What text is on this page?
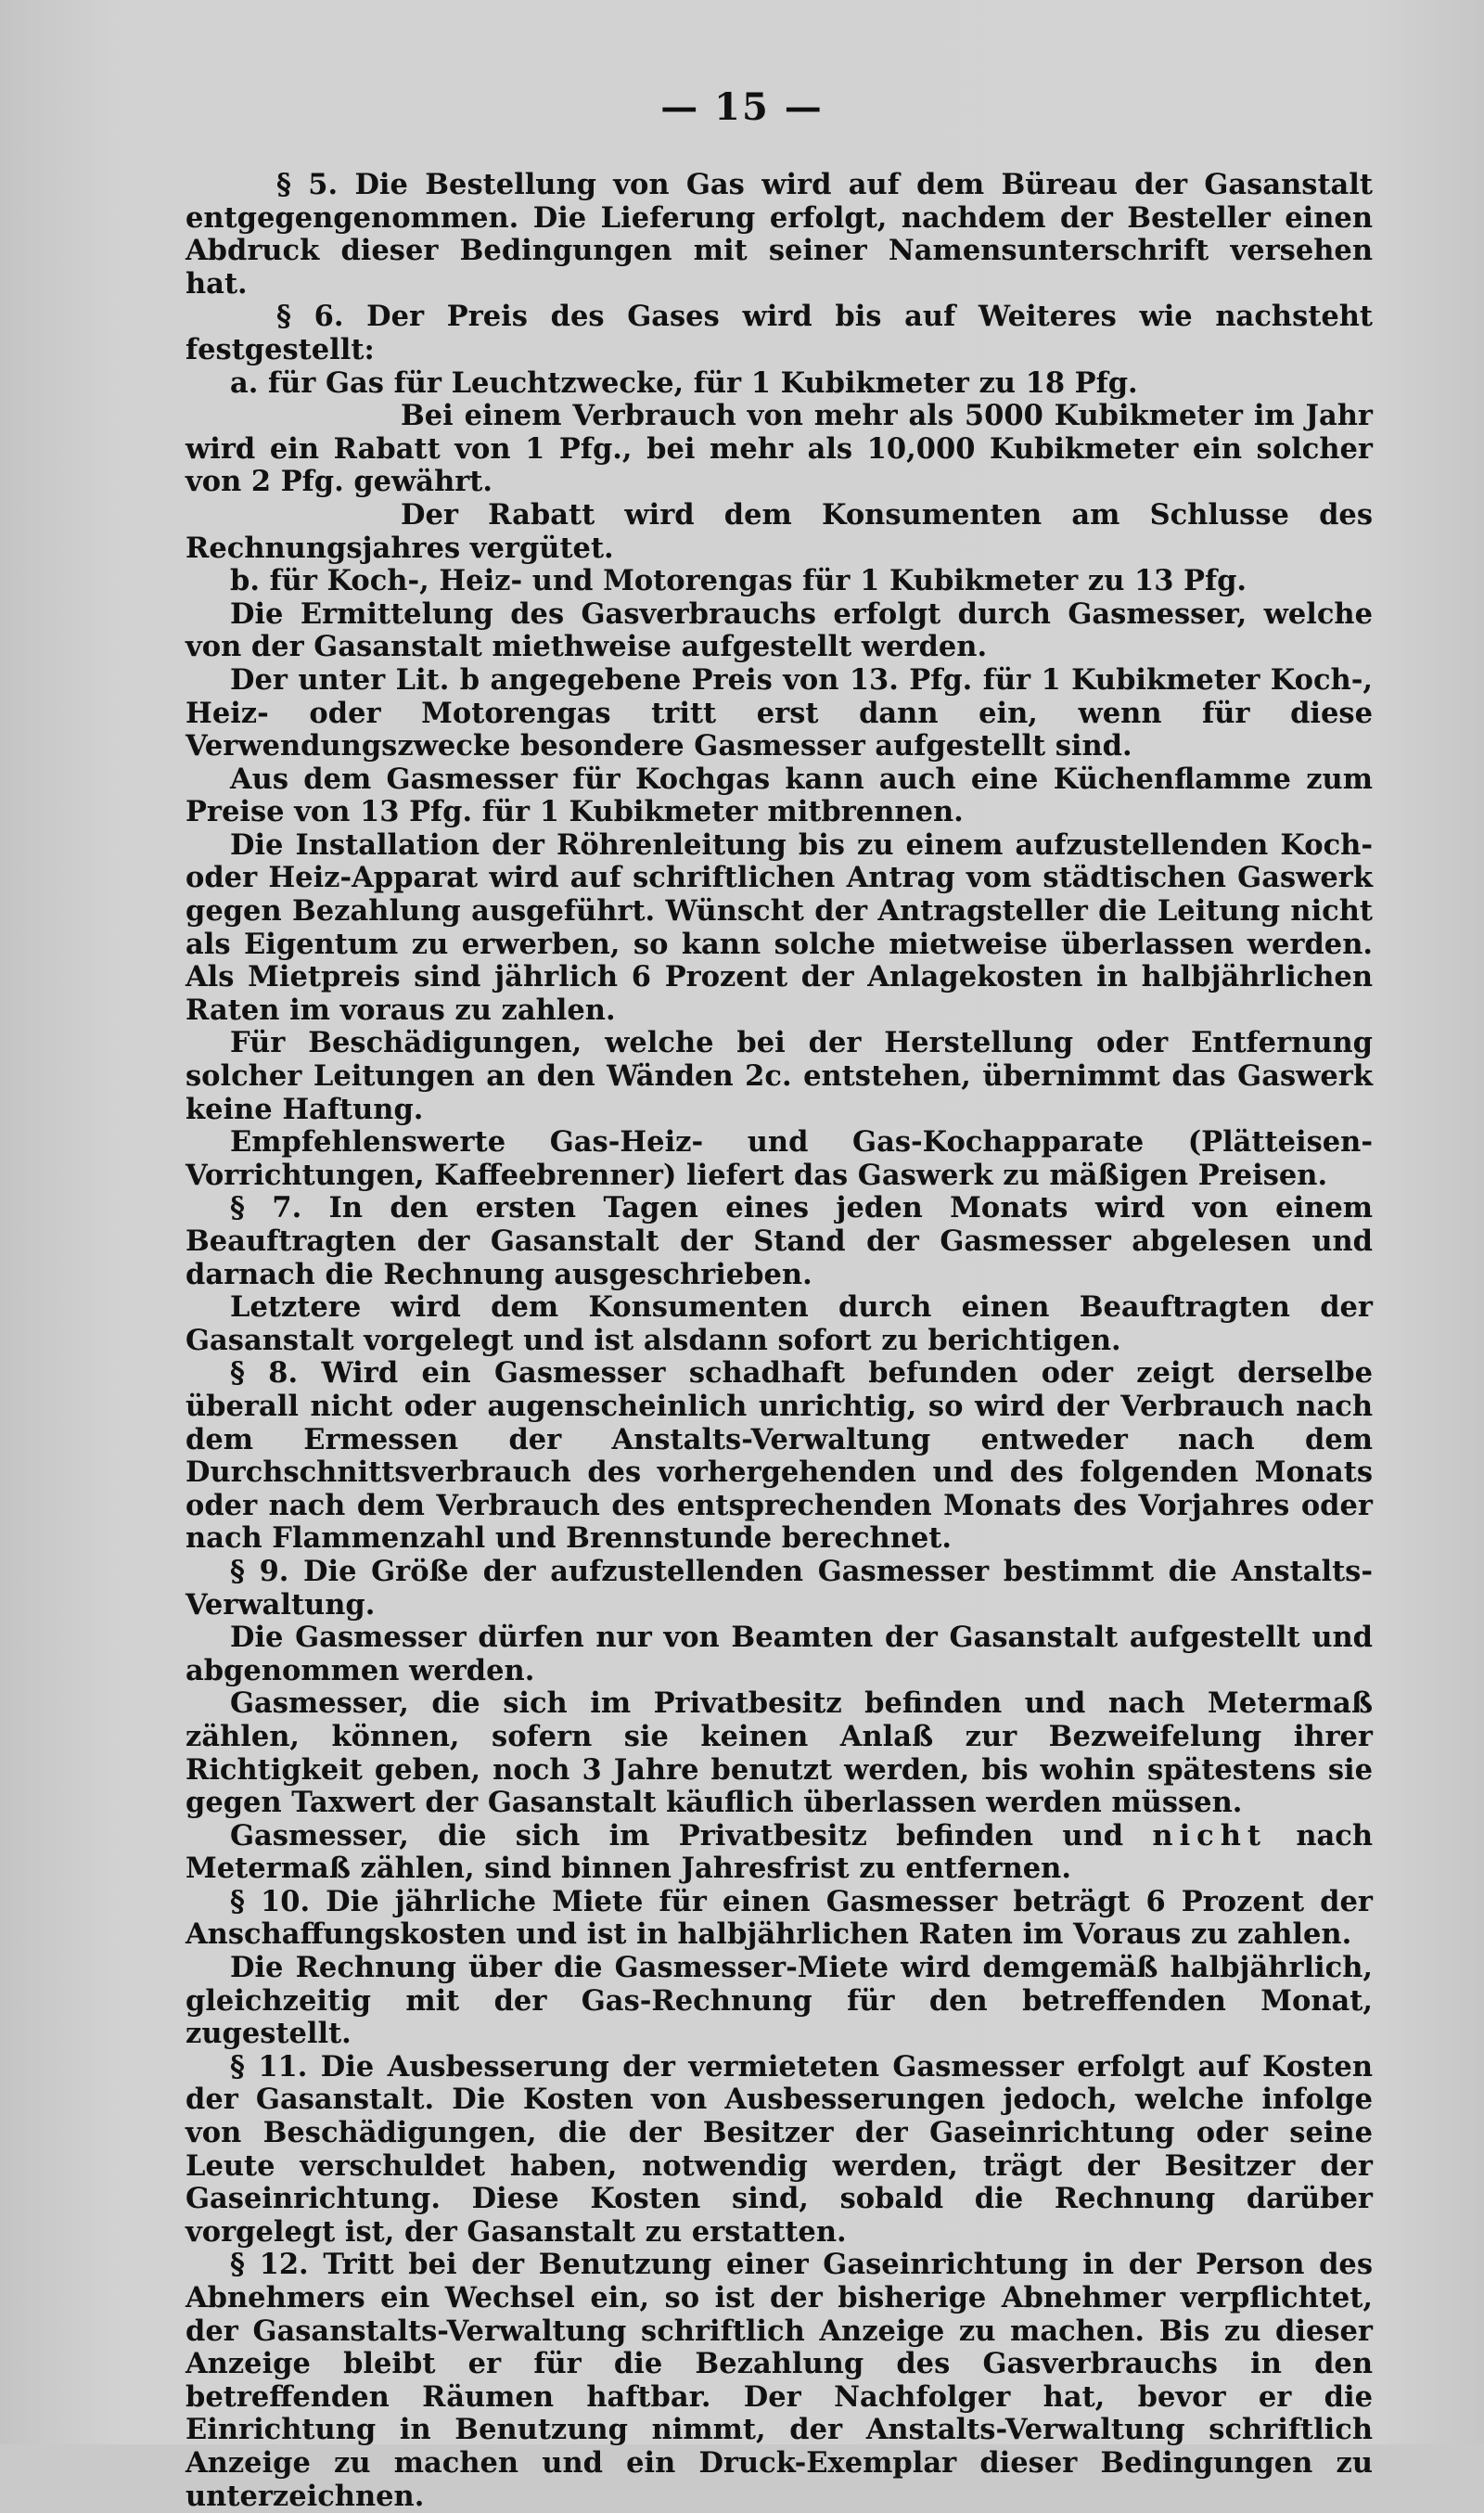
— 15 —

§ 5. Die Bestellung von Gas wird auf dem Büreau der Gasanstalt entgegengenommen. Die Lieferung erfolgt, nachdem der Besteller einen Abdruck dieser Bedingungen mit seiner Namensunterschrift versehen hat.

§ 6. Der Preis des Gases wird bis auf Weiteres wie nachsteht festgestellt:

a. für Gas für Leuchtzwecke, für 1 Kubikmeter zu 18 Pfg.

Bei einem Verbrauch von mehr als 5000 Kubikmeter im Jahr wird ein Rabatt von 1 Pfg., bei mehr als 10,000 Kubikmeter ein solcher von 2 Pfg. gewährt.

Der Rabatt wird dem Konsumenten am Schlusse des Rechnungsjahres vergütet.

b. für Koch-, Heiz- und Motorengas für 1 Kubikmeter zu 13 Pfg.

Die Ermittelung des Gasverbrauchs erfolgt durch Gasmesser, welche von der Gasanstalt miethweise aufgestellt werden.

Der unter Lit. b angegebene Preis von 13. Pfg. für 1 Kubikmeter Koch-, Heiz- oder Motorengas tritt erst dann ein, wenn für diese Verwendungszwecke besondere Gasmesser aufgestellt sind.

Aus dem Gasmesser für Kochgas kann auch eine Küchenflamme zum Preise von 13 Pfg. für 1 Kubikmeter mitbrennen.

Die Installation der Röhrenleitung bis zu einem aufzustellenden Koch- oder Heiz-Apparat wird auf schriftlichen Antrag vom städtischen Gaswerk gegen Bezahlung ausgeführt. Wünscht der Antragsteller die Leitung nicht als Eigentum zu erwerben, so kann solche mietweise überlassen werden. Als Mietpreis sind jährlich 6 Prozent der Anlagekosten in halbjährlichen Raten im voraus zu zahlen.

Für Beschädigungen, welche bei der Herstellung oder Entfernung solcher Leitungen an den Wänden 2c. entstehen, übernimmt das Gaswerk keine Haftung.

Empfehlenswerte Gas-Heiz- und Gas-Kochapparate (Plätteisen-Vorrichtungen, Kaffeebrenner) liefert das Gaswerk zu mäßigen Preisen.

§ 7. In den ersten Tagen eines jeden Monats wird von einem Beauftragten der Gasanstalt der Stand der Gasmesser abgelesen und darnach die Rechnung ausgeschrieben.

Letztere wird dem Konsumenten durch einen Beauftragten der Gasanstalt vorgelegt und ist alsdann sofort zu berichtigen.

§ 8. Wird ein Gasmesser schadhaft befunden oder zeigt derselbe überall nicht oder augenscheinlich unrichtig, so wird der Verbrauch nach dem Ermessen der Anstalts-Verwaltung entweder nach dem Durchschnittsverbrauch des vorhergehenden und des folgenden Monats oder nach dem Verbrauch des entsprechenden Monats des Vorjahres oder nach Flammenzahl und Brennstunde berechnet.

§ 9. Die Größe der aufzustellenden Gasmesser bestimmt die Anstalts-Verwaltung.

Die Gasmesser dürfen nur von Beamten der Gasanstalt aufgestellt und abgenommen werden.

Gasmesser, die sich im Privatbesitz befinden und nach Metermaß zählen, können, sofern sie keinen Anlaß zur Bezweifelung ihrer Richtigkeit geben, noch 3 Jahre benutzt werden, bis wohin spätestens sie gegen Taxwert der Gasanstalt käuflich überlassen werden müssen.

Gasmesser, die sich im Privatbesitz befinden und nicht nach Metermaß zählen, sind binnen Jahresfrist zu entfernen.

§ 10. Die jährliche Miete für einen Gasmesser beträgt 6 Prozent der Anschaffungskosten und ist in halbjährlichen Raten im Voraus zu zahlen.

Die Rechnung über die Gasmesser-Miete wird demgemäß halbjährlich, gleichzeitig mit der Gas-Rechnung für den betreffenden Monat, zugestellt.

§ 11. Die Ausbesserung der vermieteten Gasmesser erfolgt auf Kosten der Gasanstalt. Die Kosten von Ausbesserungen jedoch, welche infolge von Beschädigungen, die der Besitzer der Gaseinrichtung oder seine Leute verschuldet haben, notwendig werden, trägt der Besitzer der Gaseinrichtung. Diese Kosten sind, sobald die Rechnung darüber vorgelegt ist, der Gasanstalt zu erstatten.

§ 12. Tritt bei der Benutzung einer Gaseinrichtung in der Person des Abnehmers ein Wechsel ein, so ist der bisherige Abnehmer verpflichtet, der Gasanstalts-Verwaltung schriftlich Anzeige zu machen. Bis zu dieser Anzeige bleibt er für die Bezahlung des Gasverbrauchs in den betreffenden Räumen haftbar. Der Nachfolger hat, bevor er die Einrichtung in Benutzung nimmt, der Anstalts-Verwaltung schriftlich Anzeige zu machen und ein Druck-Exemplar dieser Bedingungen zu unterzeichnen.
